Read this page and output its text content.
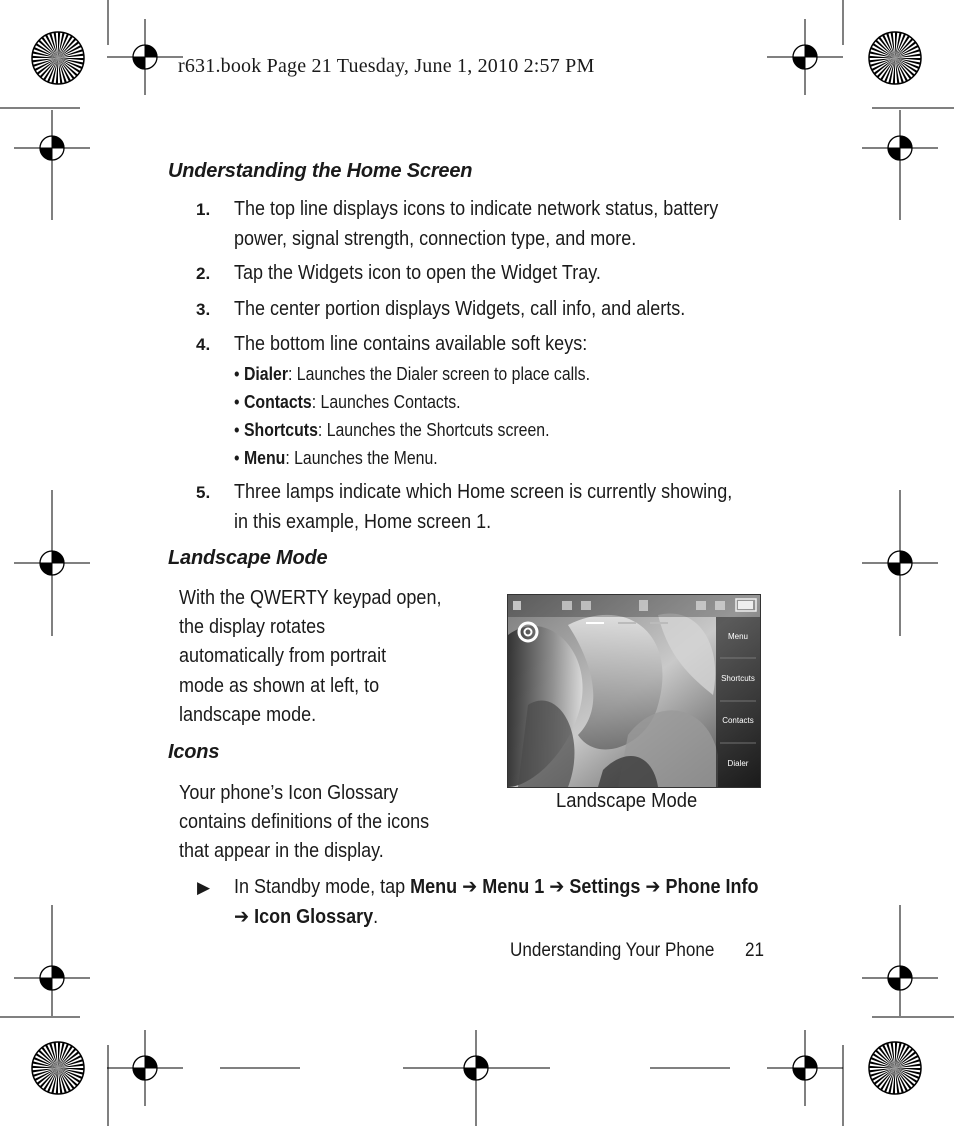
r631.book Page 21 Tuesday, June 1, 2010 2:57 PM
Understanding the Home Screen
1. The top line displays icons to indicate network status, battery
power, signal strength, connection type, and more.
2. Tap the Widgets icon to open the Widget Tray.
3. The center portion displays Widgets, call info, and alerts.
4. The bottom line contains available soft keys:
• Dialer: Launches the Dialer screen to place calls.
• Contacts: Launches Contacts.
• Shortcuts: Launches the Shortcuts screen.
• Menu: Launches the Menu.
5. Three lamps indicate which Home screen is currently showing,
in this example, Home screen 1.
Landscape Mode
With the QWERTY keypad open,
the display rotates
automatically from portrait
mode as shown at left, to
landscape mode.
Menu
Shortcuts
Contacts
Dialer
Landscape Mode
Icons
Your phone’s Icon Glossary
contains definitions of the icons
that appear in the display.
▶ In Standby mode, tap Menu ➔ Menu 1 ➔ Settings ➔ Phone Info
➔ Icon Glossary.
Understanding Your Phone 21
